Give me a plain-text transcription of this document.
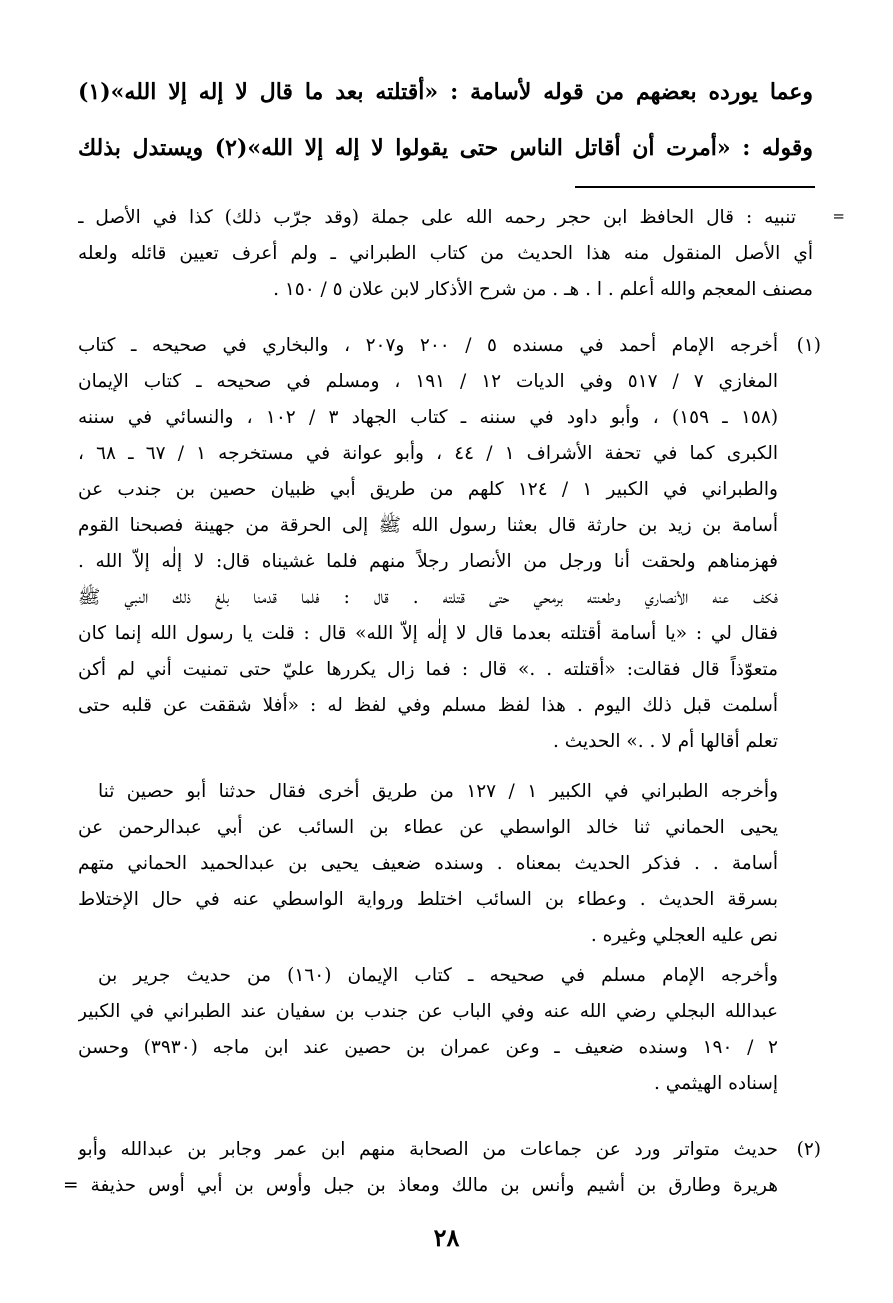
وعما يورده بعضهم من قوله لأسامة : «أقتلته بعد ما قال لا إله إلا الله»(١)
وقوله : «أمرت أن أقاتل الناس حتى يقولوا لا إله إلا الله»(٢) ويستدل بذلك
=
تنبيه : قال الحافظ ابن حجر رحمه الله على جملة (وقد جرّب ذلك) كذا في الأصل ـ
أي الأصل المنقول منه هذا الحديث من كتاب الطبراني ـ ولم أعرف تعيين قائله ولعله
مصنف المعجم والله أعلم . ا . هـ . من شرح الأذكار لابن علان ٥ / ١٥٠ .
(١)
أخرجه الإمام أحمد في مسنده ٥ / ٢٠٠ و٢٠٧ ، والبخاري في صحيحه ـ كتاب
المغازي ٧ / ٥١٧ وفي الديات ١٢ / ١٩١ ، ومسلم في صحيحه ـ كتاب الإيمان
(١٥٨ ـ ١٥٩) ، وأبو داود في سننه ـ كتاب الجهاد ٣ / ١٠٢ ، والنسائي في سننه
الكبرى كما في تحفة الأشراف ١ / ٤٤ ، وأبو عوانة في مستخرجه ١ / ٦٧ ـ ٦٨ ،
والطبراني في الكبير ١ / ١٢٤ كلهم من طريق أبي ظبيان حصين بن جندب عن
أسامة بن زيد بن حارثة قال بعثنا رسول الله ﷺ إلى الحرقة من جهينة فصبحنا القوم
فهزمناهم ولحقت أنا ورجل من الأنصار رجلاً منهم فلما غشيناه قال: لا إلٰه إلاّ الله .
فكف عنه الأنصاري وطعنته برمحي حتى قتلته . قال : فلما قدمنا بلغ ذلك النبي ﷺ
فقال لي : «يا أسامة أقتلته بعدما قال لا إلٰه إلاّ الله» قال : قلت يا رسول الله إنما كان
متعوّذاً قال فقالت: «أقتلته . .» قال : فما زال يكررها عليّ حتى تمنيت أني لم أكن
أسلمت قبل ذلك اليوم . هذا لفظ مسلم وفي لفظ له : «أفلا شققت عن قلبه حتى
تعلم أقالها أم لا . .» الحديث .
وأخرجه الطبراني في الكبير ١ / ١٢٧ من طريق أخرى فقال حدثنا أبو حصين ثنا
يحيى الحماني ثنا خالد الواسطي عن عطاء بن السائب عن أبي عبدالرحمن عن
أسامة . . فذكر الحديث بمعناه . وسنده ضعيف يحيى بن عبدالحميد الحماني متهم
بسرقة الحديث . وعطاء بن السائب اختلط ورواية الواسطي عنه في حال الإختلاط
نص عليه العجلي وغيره .
وأخرجه الإمام مسلم في صحيحه ـ كتاب الإيمان (١٦٠) من حديث جرير بن
عبدالله البجلي رضي الله عنه وفي الباب عن جندب بن سفيان عند الطبراني في الكبير
٢ / ١٩٠ وسنده ضعيف ـ وعن عمران بن حصين عند ابن ماجه (٣٩٣٠) وحسن
إسناده الهيثمي .
(٢)
حديث متواتر ورد عن جماعات من الصحابة منهم ابن عمر وجابر بن عبدالله وأبو
هريرة وطارق بن أشيم وأنس بن مالك ومعاذ بن جبل وأوس بن أبي أوس حذيفة =
٢٨
